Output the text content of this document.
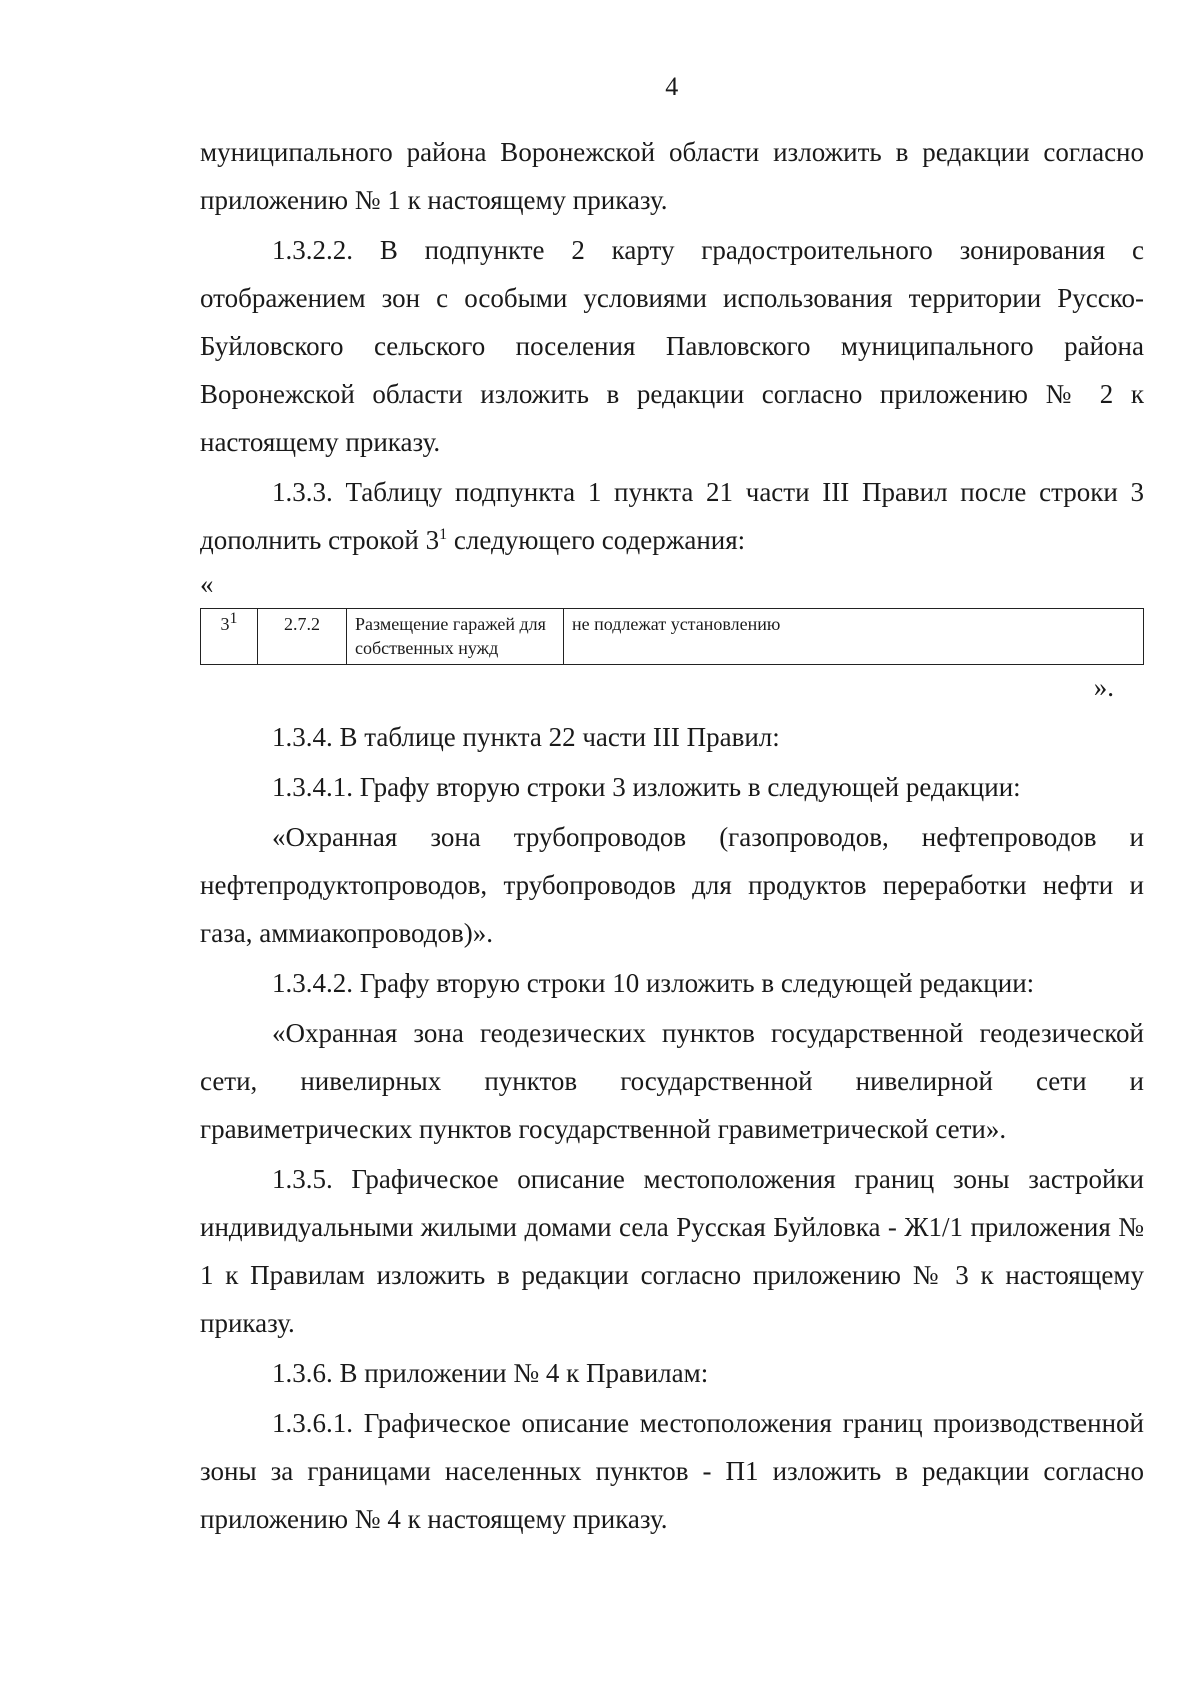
4

муниципального района Воронежской области изложить в редакции согласно приложению № 1 к настоящему приказу.

1.3.2.2. В подпункте 2 карту градостроительного зонирования с отображением зон с особыми условиями использования территории Русско-Буйловского сельского поселения Павловского муниципального района Воронежской области изложить в редакции согласно приложению № 2 к настоящему приказу.

1.3.3. Таблицу подпункта 1 пункта 21 части III Правил после строки 3 дополнить строкой $3^1$ следующего содержания:

«

$3^1$	2.7.2	Размещение гаражей для собственных нужд	не подлежат установлению

».

1.3.4. В таблице пункта 22 части III Правил:

1.3.4.1. Графу вторую строки 3 изложить в следующей редакции:

«Охранная зона трубопроводов (газопроводов, нефтепроводов и нефтепродуктопроводов, трубопроводов для продуктов переработки нефти и газа, аммиакопроводов)».

1.3.4.2. Графу вторую строки 10 изложить в следующей редакции:

«Охранная зона геодезических пунктов государственной геодезической сети, нивелирных пунктов государственной нивелирной сети и гравиметрических пунктов государственной гравиметрической сети».

1.3.5. Графическое описание местоположения границ зоны застройки индивидуальными жилыми домами села Русская Буйловка - Ж1/1 приложения № 1 к Правилам изложить в редакции согласно приложению № 3 к настоящему приказу.

1.3.6. В приложении № 4 к Правилам:

1.3.6.1. Графическое описание местоположения границ производственной зоны за границами населенных пунктов - П1 изложить в редакции согласно приложению № 4 к настоящему приказу.
